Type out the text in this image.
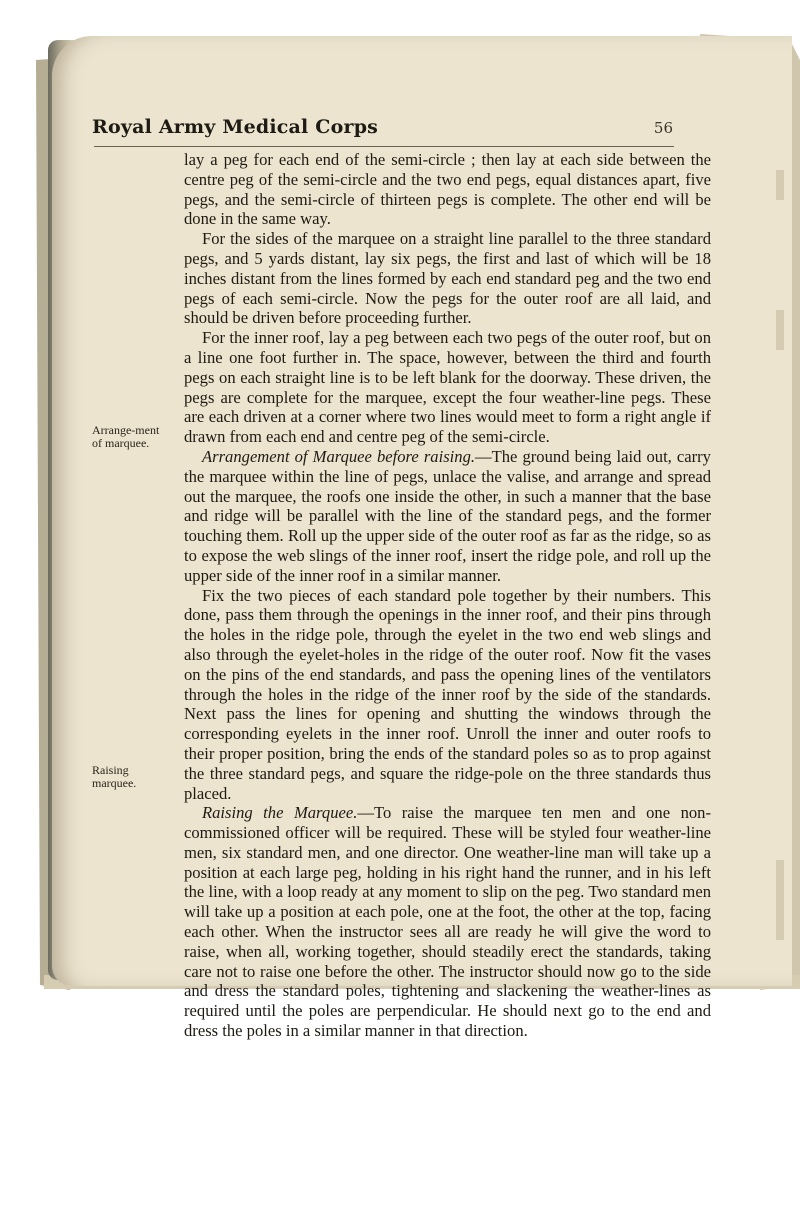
Royal Army Medical Corps	56
Arrange-ment of marquee.
Raising marquee.

lay a peg for each end of the semi-circle ; then lay at each side between the centre peg of the semi-circle and the two end pegs, equal distances apart, five pegs, and the semi-circle of thirteen pegs is complete. The other end will be done in the same way.

For the sides of the marquee on a straight line parallel to the three standard pegs, and 5 yards distant, lay six pegs, the first and last of which will be 18 inches distant from the lines formed by each end standard peg and the two end pegs of each semi-circle. Now the pegs for the outer roof are all laid, and should be driven before proceeding further.

For the inner roof, lay a peg between each two pegs of the outer roof, but on a line one foot further in. The space, however, between the third and fourth pegs on each straight line is to be left blank for the doorway. These driven, the pegs are complete for the marquee, except the four weather-line pegs. These are each driven at a corner where two lines would meet to form a right angle if drawn from each end and centre peg of the semi-circle.

Arrangement of Marquee before raising.—The ground being laid out, carry the marquee within the line of pegs, unlace the valise, and arrange and spread out the marquee, the roofs one inside the other, in such a manner that the base and ridge will be parallel with the line of the standard pegs, and the former touching them. Roll up the upper side of the outer roof as far as the ridge, so as to expose the web slings of the inner roof, insert the ridge pole, and roll up the upper side of the inner roof in a similar manner.

Fix the two pieces of each standard pole together by their numbers. This done, pass them through the openings in the inner roof, and their pins through the holes in the ridge pole, through the eyelet in the two end web slings and also through the eyelet-holes in the ridge of the outer roof. Now fit the vases on the pins of the end standards, and pass the opening lines of the ventilators through the holes in the ridge of the inner roof by the side of the standards. Next pass the lines for opening and shutting the windows through the corresponding eyelets in the inner roof. Unroll the inner and outer roofs to their proper position, bring the ends of the standard poles so as to prop against the three standard pegs, and square the ridge-pole on the three standards thus placed.

Raising the Marquee.—To raise the marquee ten men and one non-commissioned officer will be required. These will be styled four weather-line men, six standard men, and one director. One weather-line man will take up a position at each large peg, holding in his right hand the runner, and in his left the line, with a loop ready at any moment to slip on the peg. Two standard men will take up a position at each pole, one at the foot, the other at the top, facing each other. When the instructor sees all are ready he will give the word to raise, when all, working together, should steadily erect the standards, taking care not to raise one before the other. The instructor should now go to the side and dress the standard poles, tightening and slackening the weather-lines as required until the poles are perpendicular. He should next go to the end and dress the poles in a similar manner in that direction.
